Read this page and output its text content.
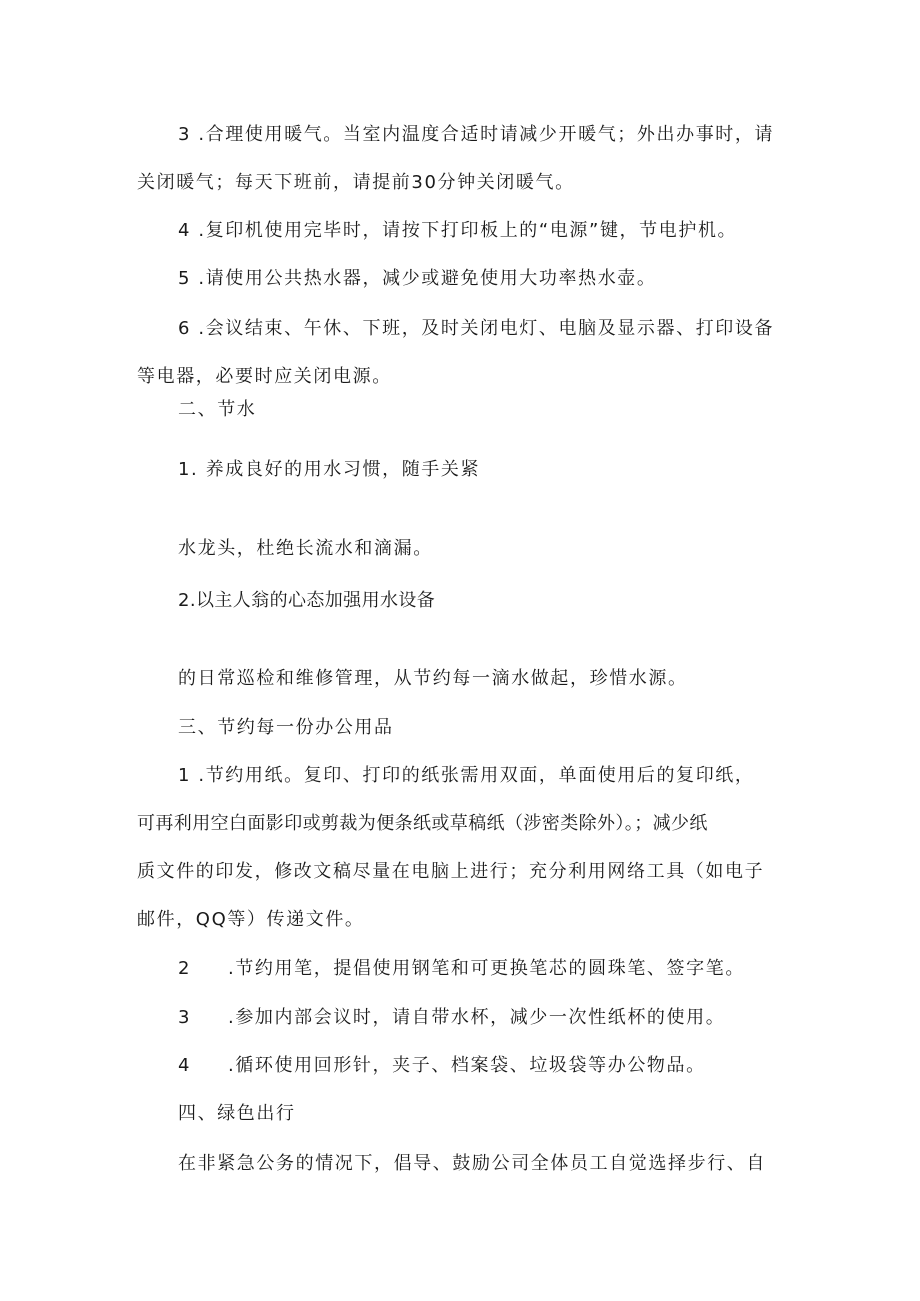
3 .合理使用暖气。当室内温度合适时请减少开暖气；外出办事时，请

关闭暖气；每天下班前，请提前30分钟关闭暖气。

4 .复印机使用完毕时，请按下打印板上的“电源”键，节电护机。

5 .请使用公共热水器，减少或避免使用大功率热水壶。

6 .会议结束、午休、下班，及时关闭电灯、电脑及显示器、打印设备

等电器，必要时应关闭电源。

二、节水

1. 养成良好的用水习惯，随手关紧

水龙头，杜绝长流水和滴漏。

2.以主人翁的心态加强用水设备

的日常巡检和维修管理，从节约每一滴水做起，珍惜水源。

三、节约每一份办公用品

1 .节约用纸。复印、打印的纸张需用双面，单面使用后的复印纸，

可再利用空白面影印或剪裁为便条纸或草稿纸（涉密类除外）。；减少纸

质文件的印发，修改文稿尽量在电脑上进行；充分利用网络工具（如电子

邮件，QQ等）传递文件。

2 .节约用笔，提倡使用钢笔和可更换笔芯的圆珠笔、签字笔。

3 .参加内部会议时，请自带水杯，减少一次性纸杯的使用。

4 .循环使用回形针，夹子、档案袋、垃圾袋等办公物品。

四、绿色出行

在非紧急公务的情况下，倡导、鼓励公司全体员工自觉选择步行、自
